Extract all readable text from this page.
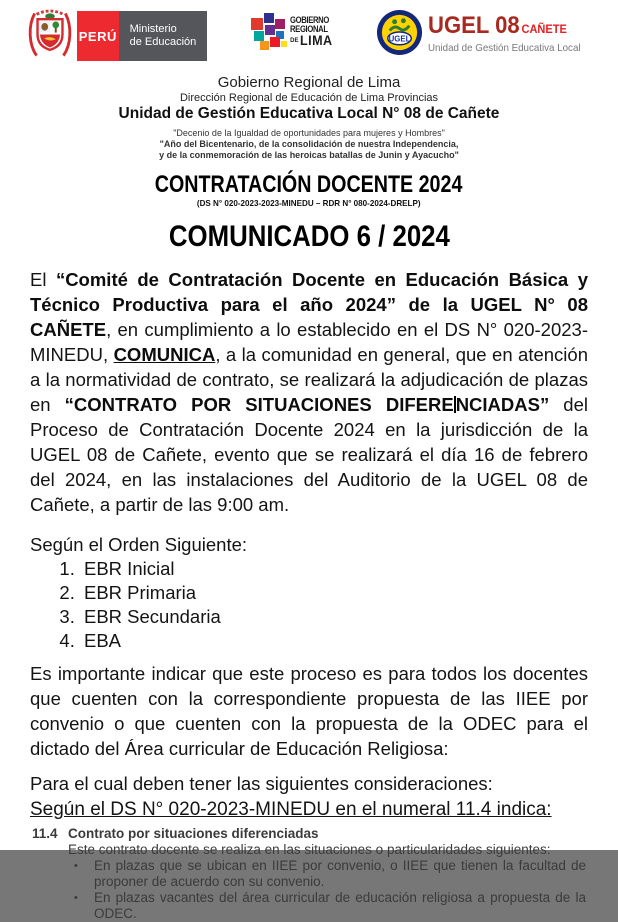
PERÚ Ministerio
de Educación
GOBIERNO
REGIONAL
DE LIMA	UGEL UGEL 08 CAÑETE
Unidad de Gestión Educativa Local
Gobierno Regional de Lima
Dirección Regional de Educación de Lima Provincias
Unidad de Gestión Educativa Local N° 08 de Cañete
"Decenio de la Igualdad de oportunidades para mujeres y Hombres"
"Año del Bicentenario, de la consolidación de nuestra Independencia,
y de la conmemoración de las heroicas batallas de Junin y Ayacucho"
CONTRATACIÓN DOCENTE 2024
(DS N° 020-2023-2023-MINEDU – RDR N° 080-2024-DRELP)
COMUNICADO 6 / 2024

El “Comité de Contratación Docente en Educación Básica y Técnico Productiva para el año 2024” de la UGEL N° 08 CAÑETE, en cumplimiento a lo establecido en el DS N° 020-2023-MINEDU, COMUNICA, a la comunidad en general, que en atención a la normatividad de contrato, se realizará la adjudicación de plazas en “CONTRATO POR SITUACIONES DIFERE NCIADAS” del Proceso de Contratación Docente 2024 en la jurisdicción de la UGEL 08 de Cañete, evento que se realizará el día 16 de febrero del 2024, en las instalaciones del Auditorio de la UGEL 08 de Cañete, a partir de las 9:00 am.

Según el Orden Siguiente:
1. EBR Inicial
2. EBR Primaria
3. EBR Secundaria
4. EBA

Es importante indicar que este proceso es para todos los docentes que cuenten con la correspondiente propuesta de las IIEE por convenio o que cuenten con la propuesta de la ODEC para el dictado del Área curricular de Educación Religiosa:

Para el cual deben tener las siguientes consideraciones:

Según el DS N° 020-2023-MINEDU en el numeral 11.4 indica:
11.4 Contrato por situaciones diferenciadas
Este contrato docente se realiza en las situaciones o particularidades siguientes:
•	En plazas que se ubican en IIEE por convenio, o IIEE que tienen la facultad de proponer de acuerdo con su convenio.
•	En plazas vacantes del área curricular de educación religiosa a propuesta de la ODEC.
